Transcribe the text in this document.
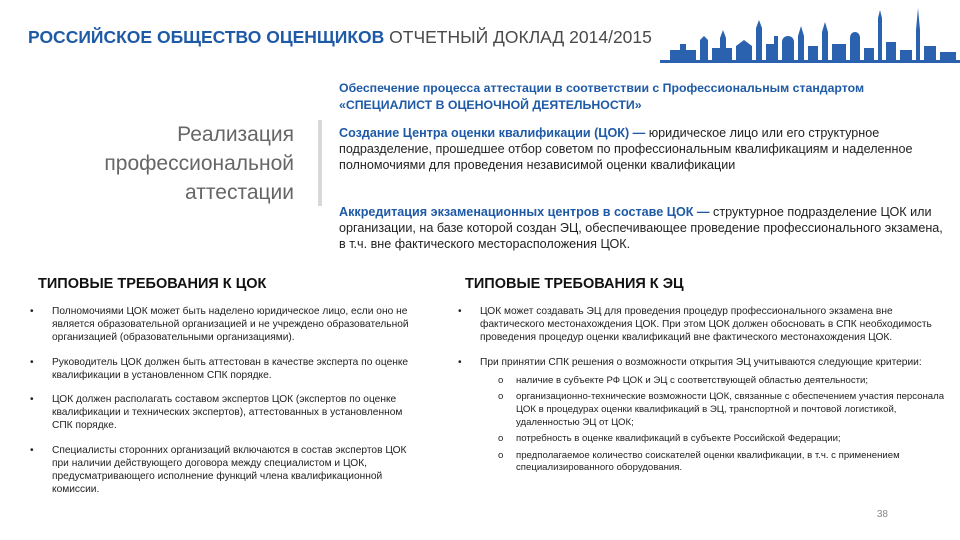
РОССИЙСКОЕ ОБЩЕСТВО ОЦЕНЩИКОВ ОТЧЕТНЫЙ ДОКЛАД 2014/2015
Обеспечение процесса аттестации в соответствии с Профессиональным стандартом
«СПЕЦИАЛИСТ В ОЦЕНОЧНОЙ ДЕЯТЕЛЬНОСТИ»
Реализация
профессиональной
аттестации
Создание Центра оценки квалификации (ЦОК) — юридическое лицо или его структурное подразделение, прошедшее отбор советом по профессиональным квалификациям и наделенное полномочиями для проведения независимой оценки квалификации
Аккредитация экзаменационных центров в составе ЦОК — структурное подразделение ЦОК или организации, на базе которой создан ЭЦ, обеспечивающее проведение профессионального экзамена, в т.ч. вне фактического месторасположения ЦОК.
ТИПОВЫЕ ТРЕБОВАНИЯ К ЦОК	ТИПОВЫЕ ТРЕБОВАНИЯ К ЭЦ
• Полномочиями ЦОК может быть наделено юридическое лицо, если оно не является образовательной организацией и не учреждено образовательной организацией (образовательными организациями).
• Руководитель ЦОК должен быть аттестован в качестве эксперта по оценке квалификации в установленном СПК порядке.
• ЦОК должен располагать составом экспертов ЦОК (экспертов по оценке квалификации и технических экспертов), аттестованных в установленном СПК порядке.
• Специалисты сторонних организаций включаются в состав экспертов ЦОК при наличии действующего договора между специалистом и ЦОК, предусматривающего исполнение функций члена квалификационной комиссии.
• ЦОК может создавать ЭЦ для проведения процедур профессионального экзамена вне фактического местонахождения ЦОК. При этом ЦОК должен обосновать в СПК необходимость проведения процедур оценки квалификаций вне фактического местонахождения ЦОК.
• При принятии СПК решения о возможности открытия ЭЦ учитываются следующие критерии:
o наличие в субъекте РФ ЦОК и ЭЦ с соответствующей областью деятельности;
o организационно-технические возможности ЦОК, связанные с обеспечением участия персонала ЦОК в процедурах оценки квалификаций в ЭЦ, транспортной и почтовой логистикой, удаленностью ЭЦ от ЦОК;
o потребность в оценке квалификаций в субъекте Российской Федерации;
o предполагаемое количество соискателей оценки квалификации, в т.ч. с применением специализированного оборудования.
38
